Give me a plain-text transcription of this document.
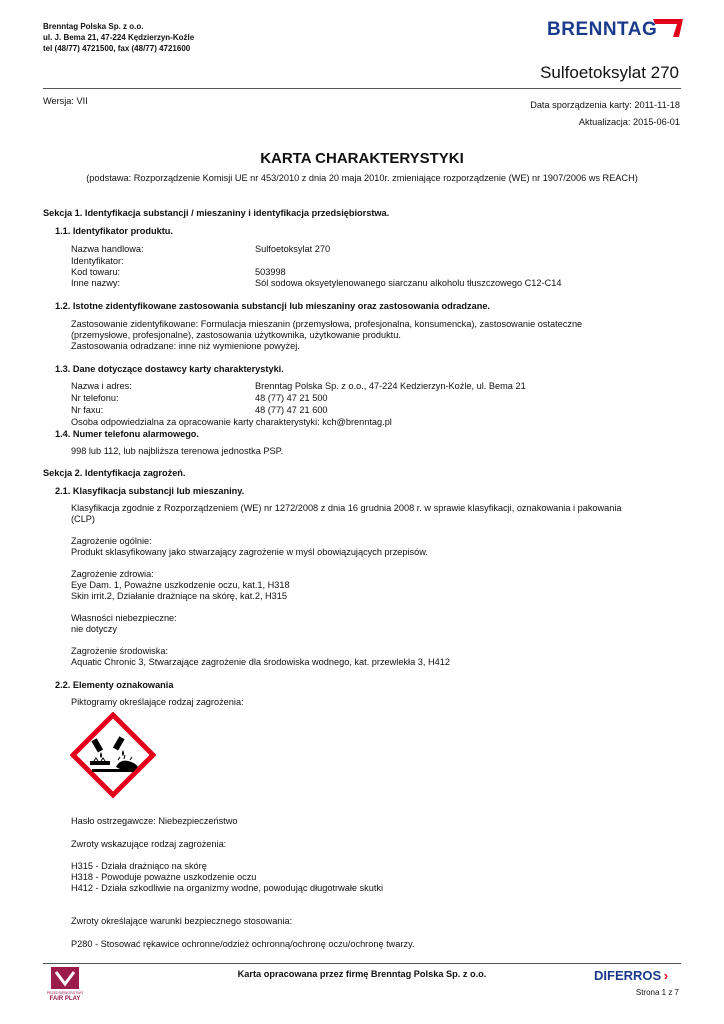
Brenntag Polska Sp. z o.o.
ul. J. Bema 21, 47-224 Kędzierzyn-Koźle
tel (48/77) 4721500, fax (48/77) 4721600
BRENNTAG
Sulfoetoksylat 270
Wersja: VII	Data sporządzenia karty: 2011-11-18
Aktualizacja: 2015-06-01
KARTA CHARAKTERYSTYKI
(podstawa: Rozporządzenie Komisji UE nr 453/2010 z dnia 20 maja 2010r. zmieniające rozporządzenie (WE) nr 1907/2006 ws REACH)
Sekcja 1. Identyfikacja substancji / mieszaniny i identyfikacja przedsiębiorstwa.
1.1. Identyfikator produktu.
Nazwa handlowa:	Sulfoetoksylat 270
Identyfikator:
Kod towaru:	503998
Inne nazwy:	Sól sodowa oksyetylenowanego siarczanu alkoholu tłuszczowego C12-C14
1.2. Istotne zidentyfikowane zastosowania substancji lub mieszaniny oraz zastosowania odradzane.
Zastosowanie zidentyfikowane: Formulacja mieszanin (przemysłowa, profesjonalna, konsumencka), zastosowanie ostateczne
(przemysłowe, profesjonalne), zastosowania użytkownika, użytkowanie produktu.
Zastosowania odradzane: inne niż wymienione powyżej.
1.3. Dane dotyczące dostawcy karty charakterystyki.
Nazwa i adres:	Brenntag Polska Sp. z o.o., 47-224 Kedzierzyn-Koźle, ul. Bema 21
Nr telefonu:	48 (77) 47 21 500
Nr faxu:	48 (77) 47 21 600
Osoba odpowiedzialna za opracowanie karty charakterystyki: kch@brenntag.pl
1.4. Numer telefonu alarmowego.
998 lub 112, lub najbliższa terenowa jednostka PSP.
Sekcja 2. Identyfikacja zagrożeń.
2.1. Klasyfikacja substancji lub mieszaniny.
Klasyfikacja zgodnie z Rozporządzeniem (WE) nr 1272/2008 z dnia 16 grudnia 2008 r. w sprawie klasyfikacji, oznakowania i pakowania
(CLP)
Zagrożenie ogólnie:
Produkt sklasyfikowany jako stwarzający zagrożenie w myśl obowiązujących przepisów.
Zagrożenie zdrowia:
Eye Dam. 1, Poważne uszkodzenie oczu, kat.1, H318
Skin irrit.2, Działanie drażniące na skórę, kat.2, H315
Własności niebezpieczne:
nie dotyczy
Zagrożenie środowiska:
Aquatic Chronic 3, Stwarzające zagrożenie dla środowiska wodnego, kat. przewlekła 3, H412
2.2. Elementy oznakowania
Piktogramy określające rodzaj zagrożenia:
Hasło ostrzegawcze: Niebezpieczeństwo
Zwroty wskazujące rodzaj zagrożenia:
H315 - Działa drażniąco na skórę
H318 - Powoduje poważne uszkodzenie oczu
H412 - Działa szkodliwie na organizmy wodne, powodując długotrwałe skutki
Zwroty określające warunki bezpiecznego stosowania:
P280 - Stosować rękawice ochronne/odzież ochronną/ochronę oczu/ochronę twarzy.
PRZEDSIĘBIORSTWO
FAIR PLAY
Karta opracowana przez firmę Brenntag Polska Sp. z o.o.	DIFERROS ›
Strona 1 z 7
